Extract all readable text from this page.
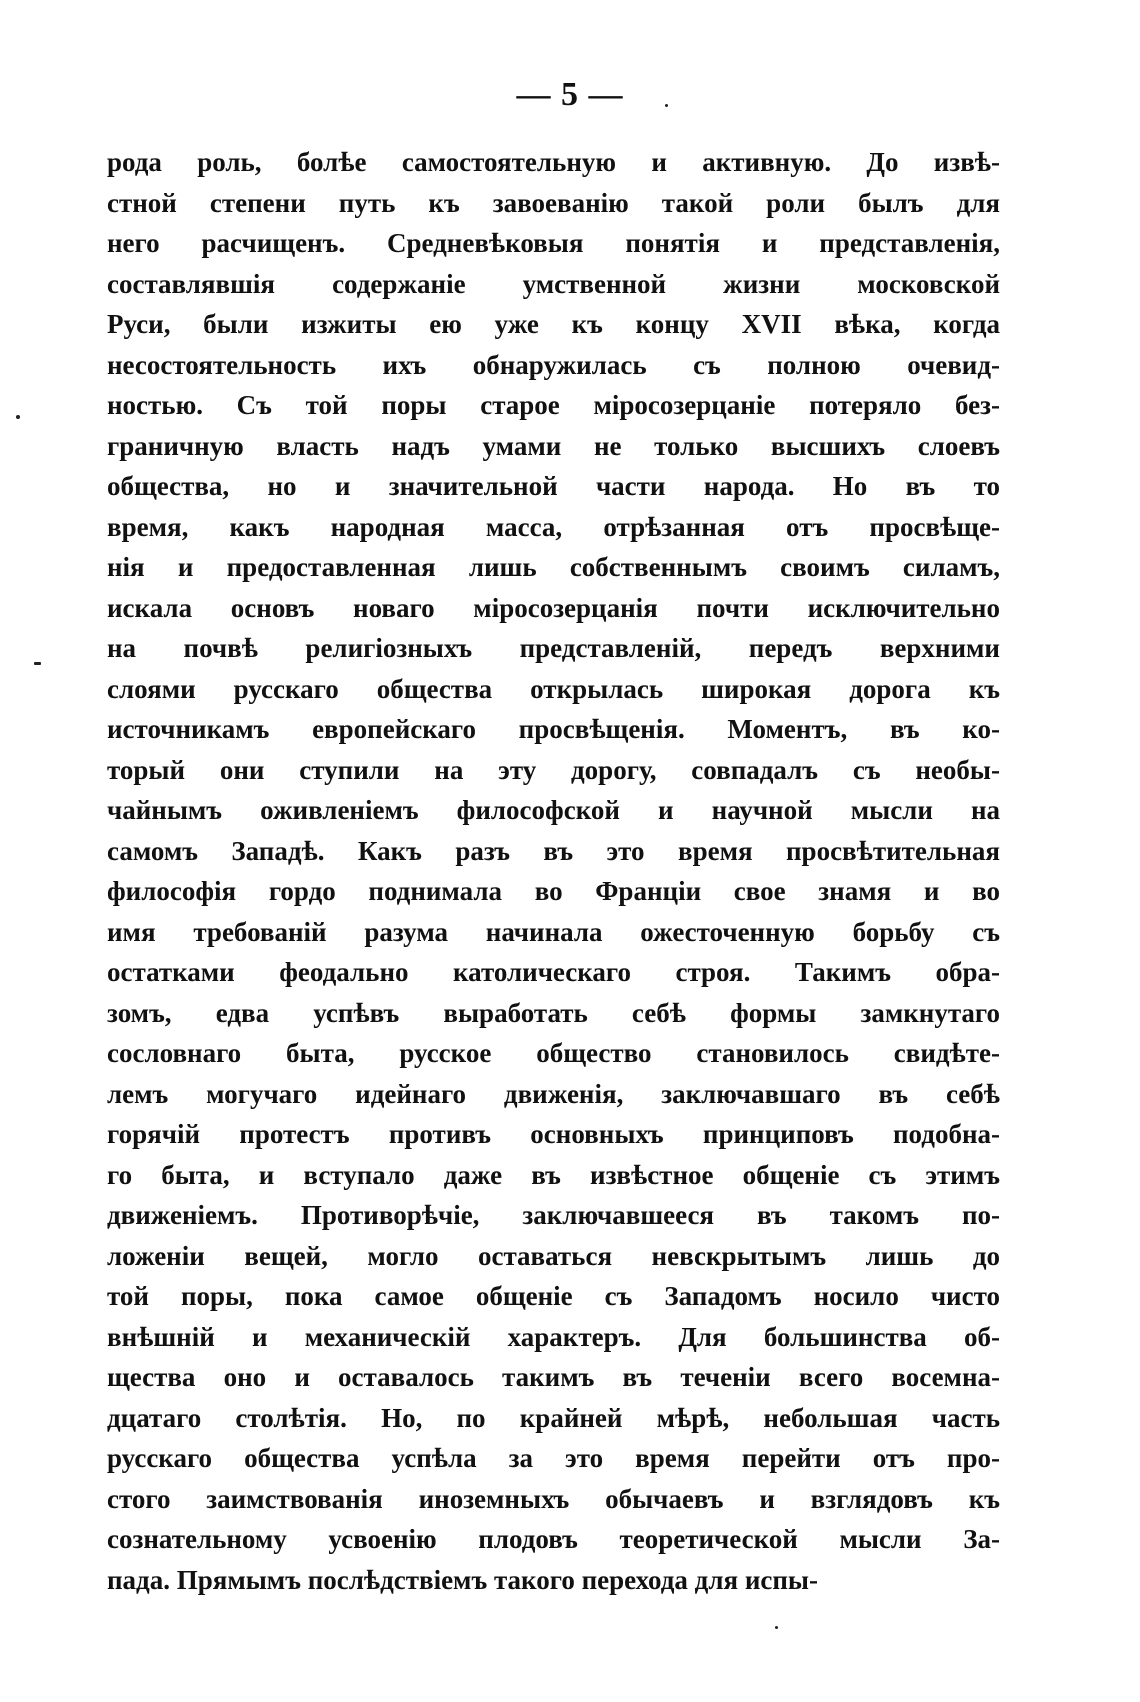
— 5 —
рода роль, болѣе самостоятельную и активную. До извѣ-
стной степени путь къ завоеванію такой роли былъ для
него расчищенъ. Средневѣковыя понятія и представленія,
составлявшія содержаніе умственной жизни московской
Руси, были изжиты ею уже къ концу XVII вѣка, когда
несостоятельность ихъ обнаружилась съ полною очевид-
ностью. Съ той поры старое міросозерцаніе потеряло без-
граничную власть надъ умами не только высшихъ слоевъ
общества, но и значительной части народа. Но въ то
время, какъ народная масса, отрѣзанная отъ просвѣще-
нія и предоставленная лишь собственнымъ своимъ силамъ,
искала основъ новаго міросозерцанія почти исключительно
на почвѣ религіозныхъ представленій, передъ верхними
слоями русскаго общества открылась широкая дорога къ
источникамъ европейскаго просвѣщенія. Моментъ, въ ко-
торый они ступили на эту дорогу, совпадалъ съ необы-
чайнымъ оживленіемъ философской и научной мысли на
самомъ Западѣ. Какъ разъ въ это время просвѣтительная
философія гордо поднимала во Франціи свое знамя и во
имя требованій разума начинала ожесточенную борьбу съ
остатками феодально католическаго строя. Такимъ обра-
зомъ, едва успѣвъ выработать себѣ формы замкнутаго
сословнаго быта, русское общество становилось свидѣте-
лемъ могучаго идейнаго движенія, заключавшаго въ себѣ
горячій протестъ противъ основныхъ принциповъ подобна-
го быта, и вступало даже въ извѣстное общеніе съ этимъ
движеніемъ. Противорѣчіе, заключавшееся въ такомъ по-
ложеніи вещей, могло оставаться невскрытымъ лишь до
той поры, пока самое общеніе съ Западомъ носило чисто
внѣшній и механическій характеръ. Для большинства об-
щества оно и оставалось такимъ въ теченіи всего восемна-
дцатаго столѣтія. Но, по крайней мѣрѣ, небольшая часть
русскаго общества успѣла за это время перейти отъ про-
стого заимствованія иноземныхъ обычаевъ и взглядовъ къ
сознательному усвоенію плодовъ теоретической мысли За-
пада. Прямымъ послѣдствіемъ такого перехода для испы-
